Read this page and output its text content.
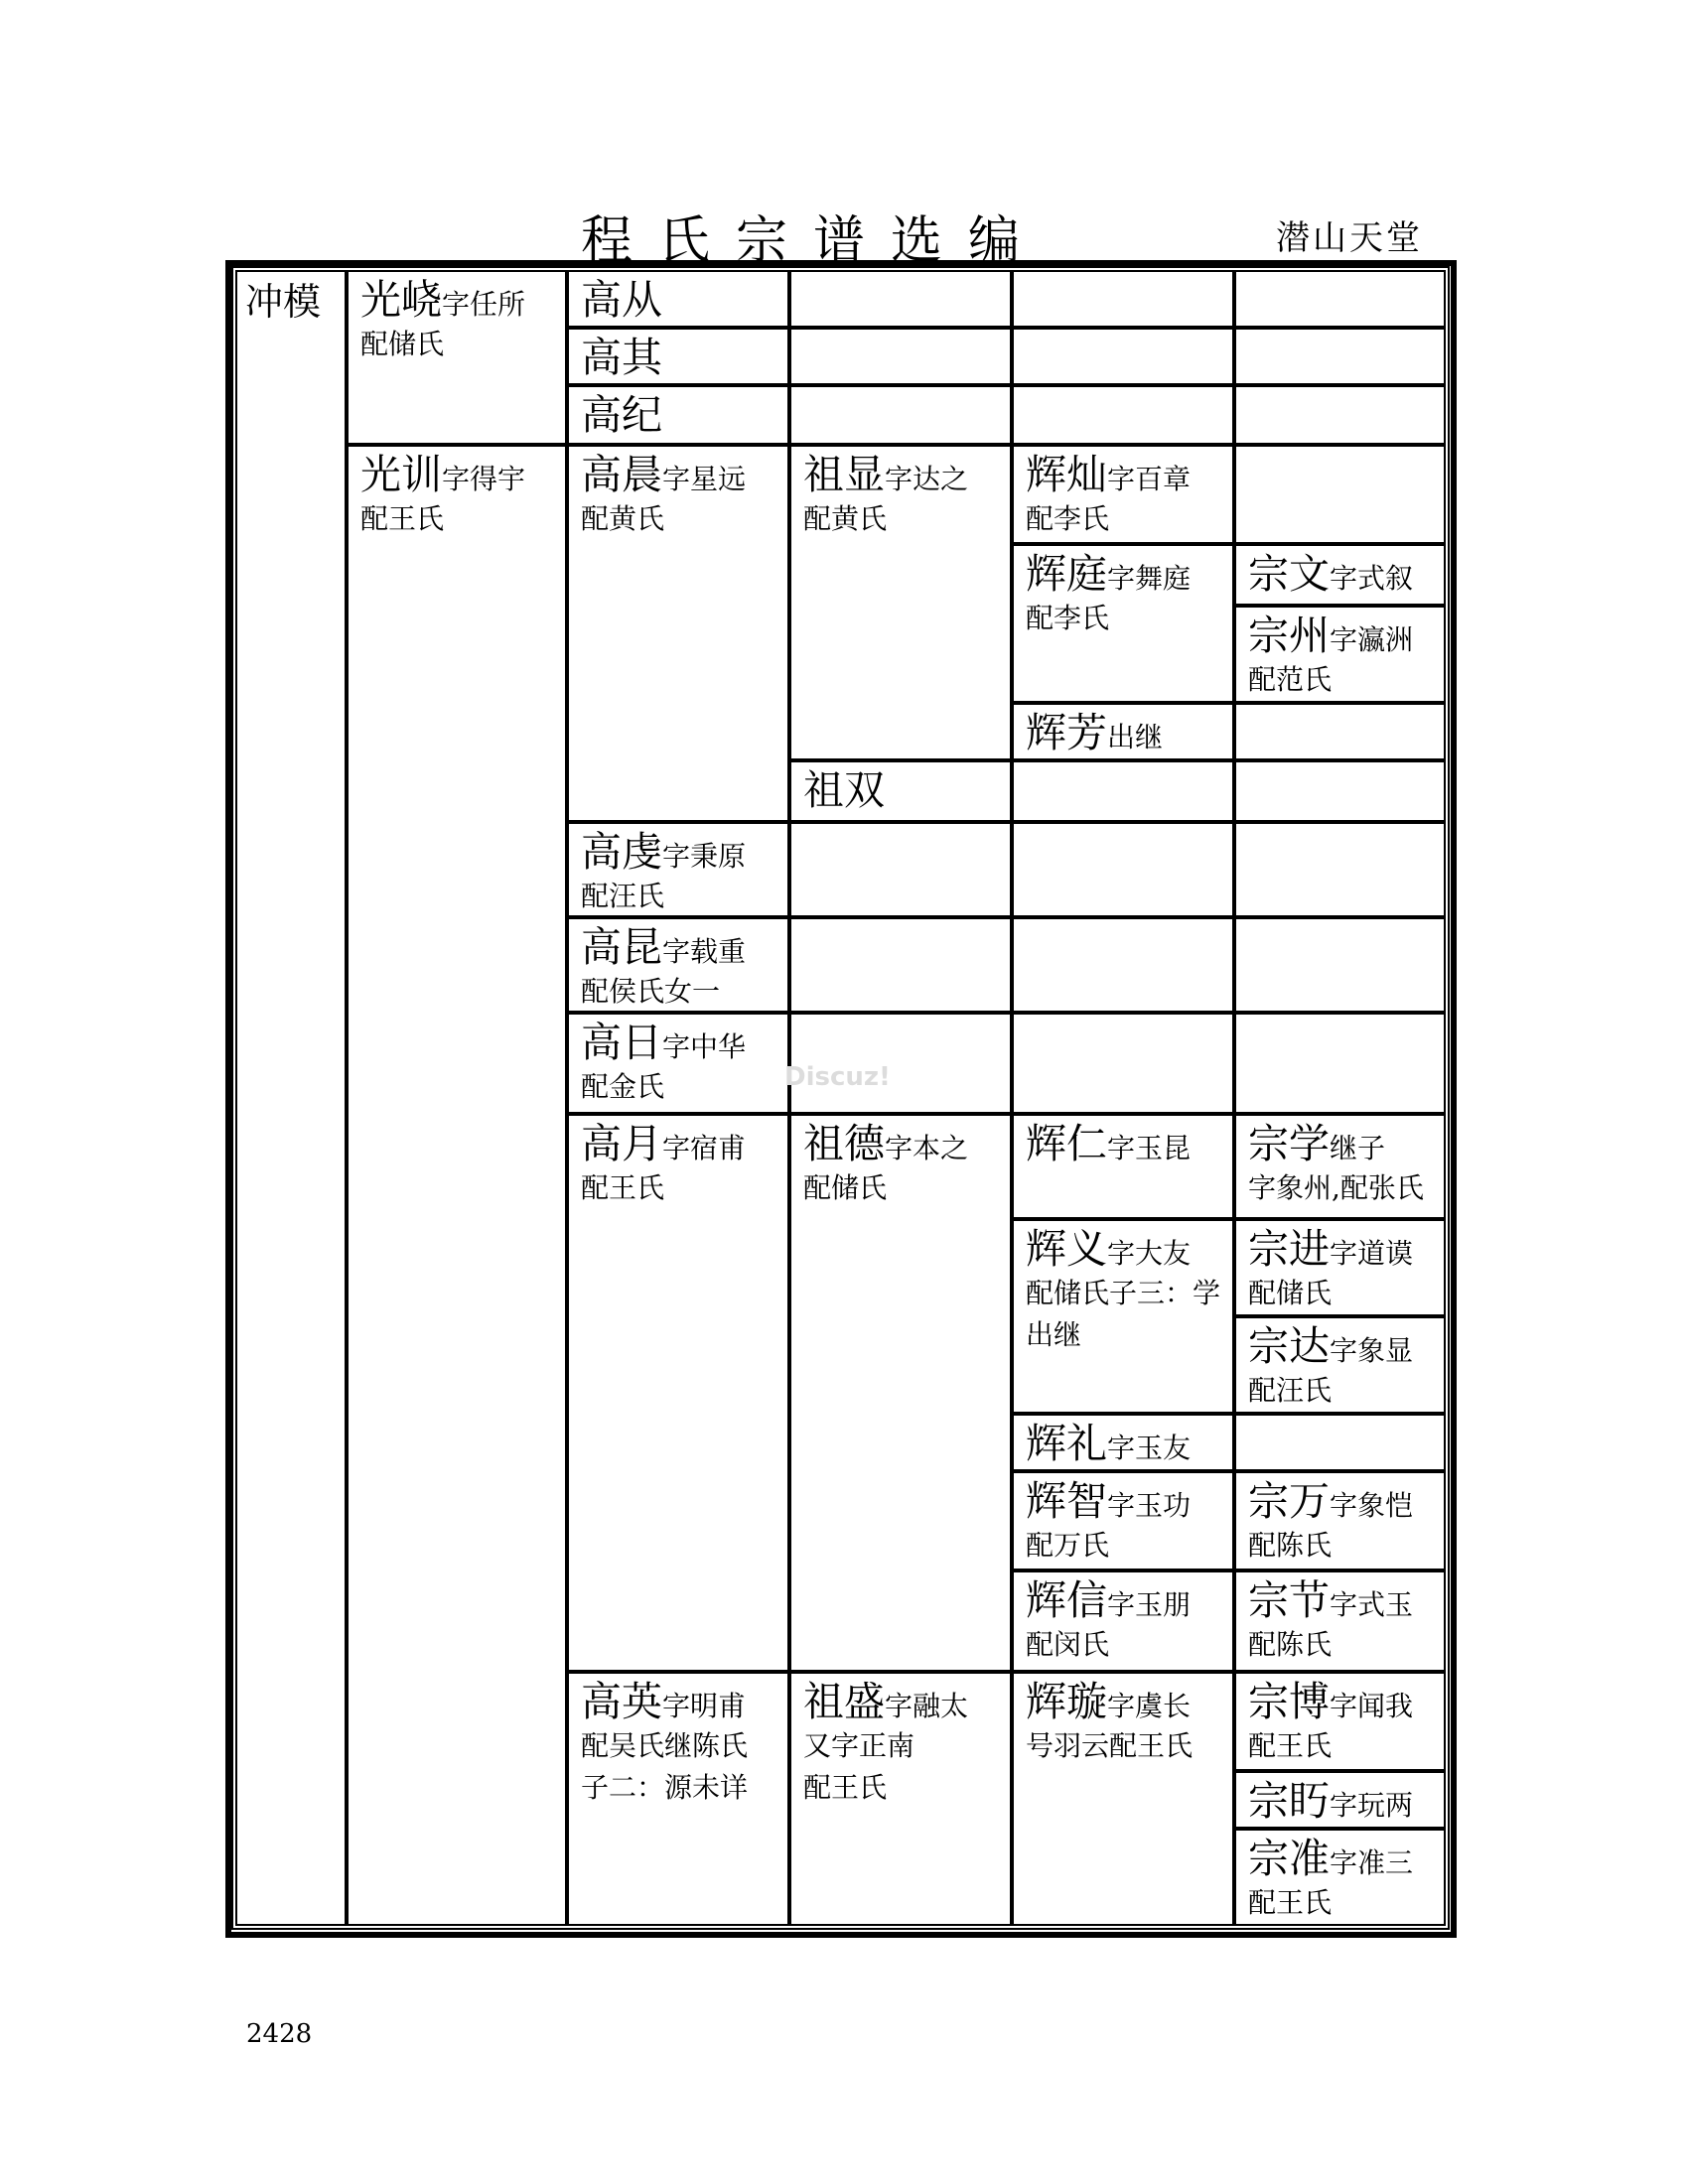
程氏宗谱选编	潜山天堂
冲模 光峣字任所
配储氏
光训字得宇
配王氏
高从
高其
高纪
高晨字星远
配黄氏
高虔字秉原
配汪氏
高昆字载重
配侯氏女一
高日字中华
配金氏
高月字宿甫
配王氏
高英字明甫
配吴氏继陈氏
子二：源未详
祖显字达之
配黄氏
祖双
祖德字本之
配储氏
祖盛字融太
又字正南
配王氏
辉灿字百章
配李氏
辉庭字舞庭
配李氏
辉芳出继
辉仁字玉昆
辉义字大友
配储氏子三：学
出继
辉礼字玉友
辉智字玉功
配万氏
辉信字玉朋
配闵氏
辉璇字虞长
号羽云配王氏
宗文字式叙
宗州字瀛洲
配范氏
宗学继子
字象州,配张氏
宗进字道谟
配储氏
宗达字象显
配汪氏
宗万字象恺
配陈氏
宗节字式玉
配陈氏
宗博字闻我
配王氏
宗䀎字玩两
宗准字准三
配王氏
Discuz!
2428
